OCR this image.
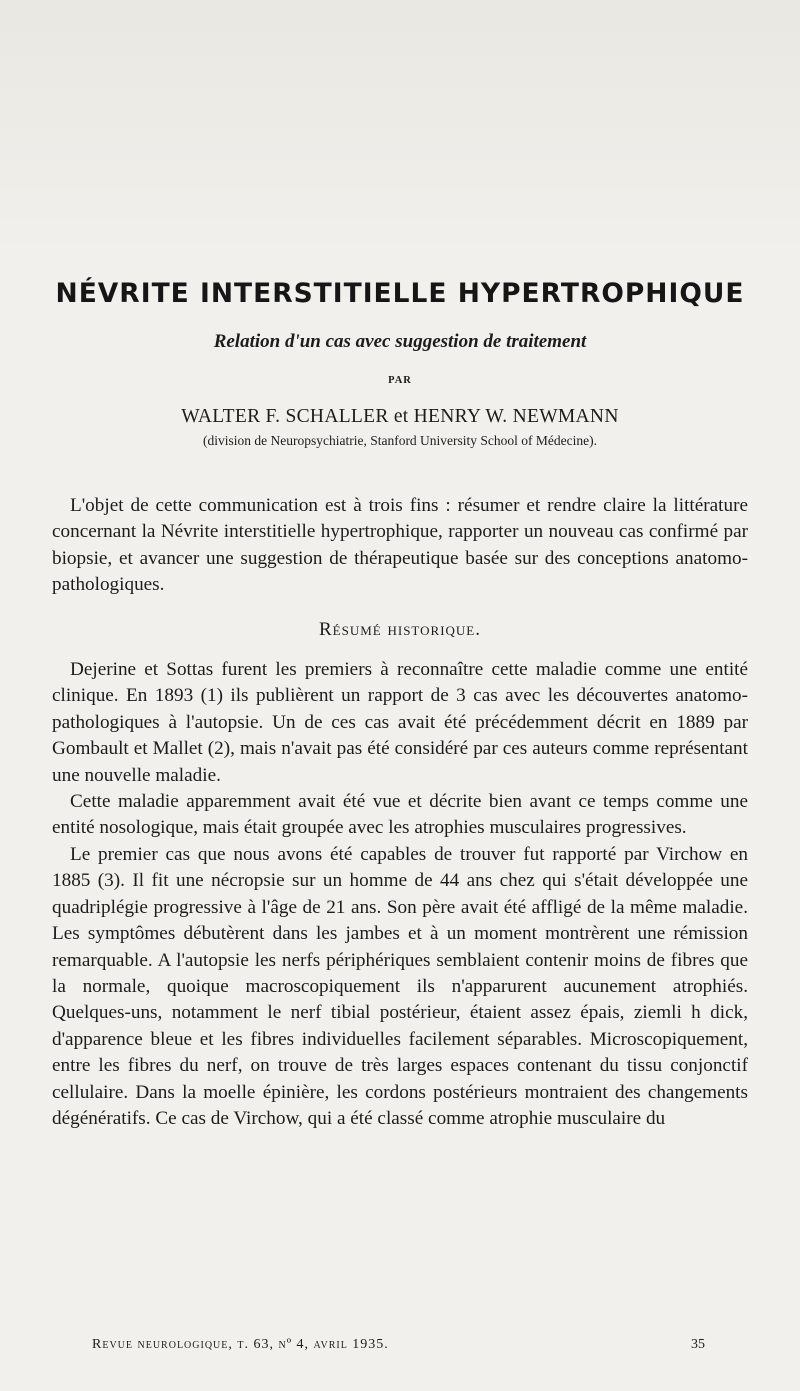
NÉVRITE INTERSTITIELLE HYPERTROPHIQUE
Relation d'un cas avec suggestion de traitement
PAR
WALTER F. SCHALLER et HENRY W. NEWMANN
(division de Neuropsychiatrie, Stanford University School of Médecine).

L'objet de cette communication est à trois fins : résumer et rendre claire la littérature concernant la Névrite interstitielle hypertrophique, rapporter un nouveau cas confirmé par biopsie, et avancer une suggestion de thérapeutique basée sur des conceptions anatomo-pathologiques.

Résumé historique.

Dejerine et Sottas furent les premiers à reconnaître cette maladie comme une entité clinique. En 1893 (1) ils publièrent un rapport de 3 cas avec les découvertes anatomo-pathologiques à l'autopsie. Un de ces cas avait été précédemment décrit en 1889 par Gombault et Mallet (2), mais n'avait pas été considéré par ces auteurs comme représentant une nouvelle maladie.

Cette maladie apparemment avait été vue et décrite bien avant ce temps comme une entité nosologique, mais était groupée avec les atrophies musculaires progressives.

Le premier cas que nous avons été capables de trouver fut rapporté par Virchow en 1885 (3). Il fit une nécropsie sur un homme de 44 ans chez qui s'était développée une quadriplégie progressive à l'âge de 21 ans. Son père avait été affligé de la même maladie. Les symptômes débutèrent dans les jambes et à un moment montrèrent une rémission remarquable. A l'autopsie les nerfs périphériques semblaient contenir moins de fibres que la normale, quoique macroscopiquement ils n'apparurent aucunement atrophiés. Quelques-uns, notamment le nerf tibial postérieur, étaient assez épais, ziemli h dick, d'apparence bleue et les fibres individuelles facilement séparables. Microscopiquement, entre les fibres du nerf, on trouve de très larges espaces contenant du tissu conjonctif cellulaire. Dans la moelle épinière, les cordons postérieurs montraient des changements dégénératifs. Ce cas de Virchow, qui a été classé comme atrophie musculaire du

Revue neurologique, t. 63, nº 4, avril 1935.	35
